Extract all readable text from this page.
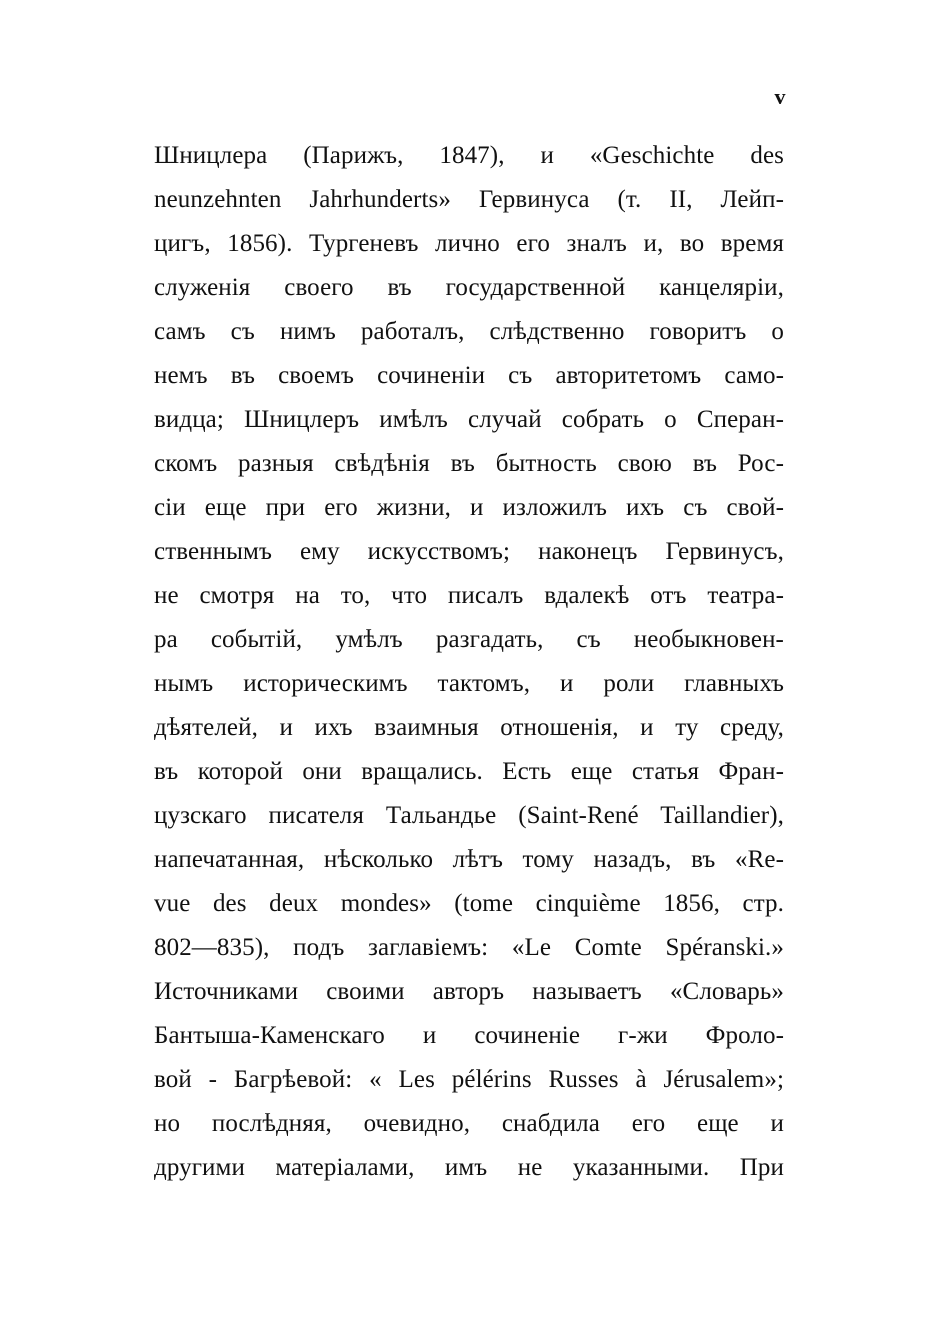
v
Шницлера (Парижъ, 1847), и «Geschichte des
neunzehnten Jahrhunderts» Гервинуса (т. II, Лейп-
цигъ, 1856). Тургеневъ лично его зналъ и, во время
служенія своего въ государственной канцеляріи,
самъ съ нимъ работалъ, слѣдственно говоритъ о
немъ въ своемъ сочиненіи съ авторитетомъ само-
видца; Шницлеръ имѣлъ случай собрать о Сперан-
скомъ разныя свѣдѣнія въ бытность свою въ Рос-
сіи еще при его жизни, и изложилъ ихъ съ свой-
ственнымъ ему искусствомъ; наконецъ Гервинусъ,
не смотря на то, что писалъ вдалекѣ отъ театра-
ра событій, умѣлъ разгадать, съ необыкновен-
нымъ историческимъ тактомъ, и роли главныхъ
дѣятелей, и ихъ взаимныя отношенія, и ту среду,
въ которой они вращались. Есть еще статья Фран-
цузскаго писателя Тальандье (Saint-René Taillandier),
напечатанная, нѣсколько лѣтъ тому назадъ, въ «Re-
vue des deux mondes» (tome cinquième 1856, стр.
802—835), подъ заглавіемъ: «Le Comte Spéranski.»
Источниками своими авторъ называетъ «Словарь»
Бантыша-Каменскаго и сочиненіе г-жи Фроло-
вой - Багрѣевой: « Les pélérins Russes à Jérusalem»;
но послѣдняя, очевидно, снабдила его еще и
другими матеріалами, имъ не указанными. При
